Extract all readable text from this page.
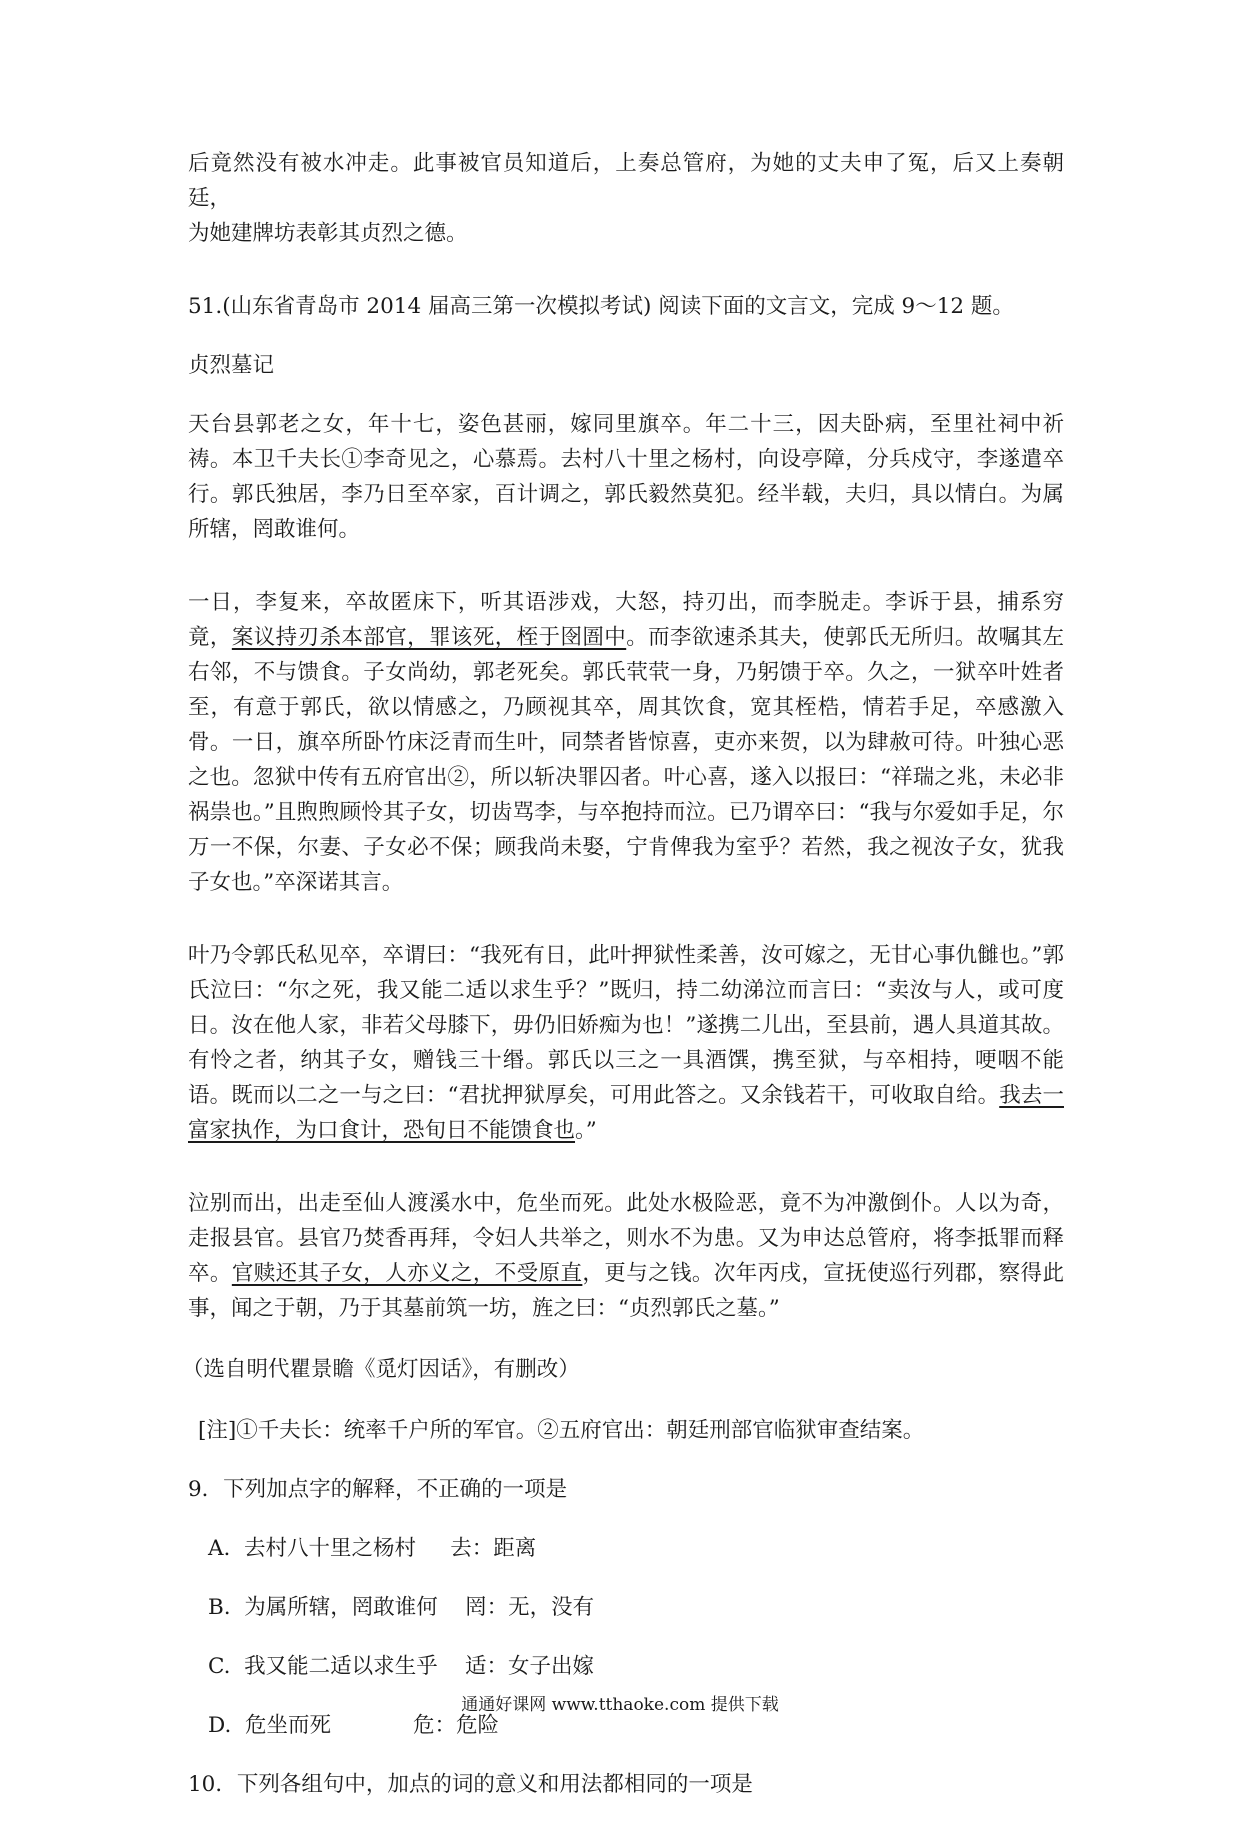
后竟然没有被水冲走。此事被官员知道后，上奏总管府，为她的丈夫申了冤，后又上奏朝廷，
为她建牌坊表彰其贞烈之德。

51.(山东省青岛市 2014 届高三第一次模拟考试) 阅读下面的文言文，完成 9～12 题。

贞烈墓记

天台县郭老之女，年十七，姿色甚丽，嫁同里旗卒。年二十三，因夫卧病，至里社祠中祈祷。本卫千夫长①李奇见之，心慕焉。去村八十里之杨村，向设亭障，分兵戍守，李遂遣卒行。郭氏独居，李乃日至卒家，百计调之，郭氏毅然莫犯。经半载，夫归，具以情白。为属所辖，罔敢谁何。

一日，李复来，卒故匿床下，听其语涉戏，大怒，持刃出，而李脱走。李诉于县，捕系穷竟，案议持刃杀本部官，罪该死，桎于囹圄中。而李欲速杀其夫，使郭氏无所归。故嘱其左右邻，不与馈食。子女尚幼，郭老死矣。郭氏茕茕一身，乃躬馈于卒。久之，一狱卒叶姓者至，有意于郭氏，欲以情感之，乃顾视其卒，周其饮食，宽其桎梏，情若手足，卒感激入骨。一日，旗卒所卧竹床泛青而生叶，同禁者皆惊喜，吏亦来贺，以为肆赦可待。叶独心恶之也。忽狱中传有五府官出②，所以斩决罪囚者。叶心喜，遂入以报曰：“祥瑞之兆，未必非祸祟也。”且煦煦顾怜其子女，切齿骂李，与卒抱持而泣。已乃谓卒曰：“我与尔爱如手足，尔万一不保，尔妻、子女必不保；顾我尚未娶，宁肯俾我为室乎？若然，我之视汝子女，犹我子女也。”卒深诺其言。

叶乃令郭氏私见卒，卒谓曰：“我死有日，此叶押狱性柔善，汝可嫁之，无甘心事仇雠也。”郭氏泣曰：“尔之死，我又能二适以求生乎？”既归，持二幼涕泣而言曰：“卖汝与人，或可度日。汝在他人家，非若父母膝下，毋仍旧娇痴为也！”遂携二儿出，至县前，遇人具道其故。有怜之者，纳其子女，赠钱三十缗。郭氏以三之一具酒馔，携至狱，与卒相持，哽咽不能语。既而以二之一与之曰：“君扰押狱厚矣，可用此答之。又余钱若干，可收取自给。我去一富家执作，为口食计，恐旬日不能馈食也。”

泣别而出，出走至仙人渡溪水中，危坐而死。此处水极险恶，竟不为冲激倒仆。人以为奇，走报县官。县官乃焚香再拜，令妇人共举之，则水不为患。又为申达总管府，将李抵罪而释卒。官赎还其子女，人亦义之，不受原直，更与之钱。次年丙戌，宣抚使巡行列郡，察得此事，闻之于朝，乃于其墓前筑一坊，旌之曰：“贞烈郭氏之墓。”

（选自明代瞿景瞻《觅灯因话》，有删改）

[注]①千夫长：统率千户所的军官。②五府官出：朝廷刑部官临狱审查结案。

9．下列加点字的解释，不正确的一项是

A.  去村八十里之杨村     去：距离

B.  为属所辖，罔敢谁何    罔：无，没有

C.  我又能二适以求生乎    适：女子出嫁

D.  危坐而死            危：危险

10．下列各组句中，加点的词的意义和用法都相同的一项是

通通好课网 www.tthaoke.com 提供下载
